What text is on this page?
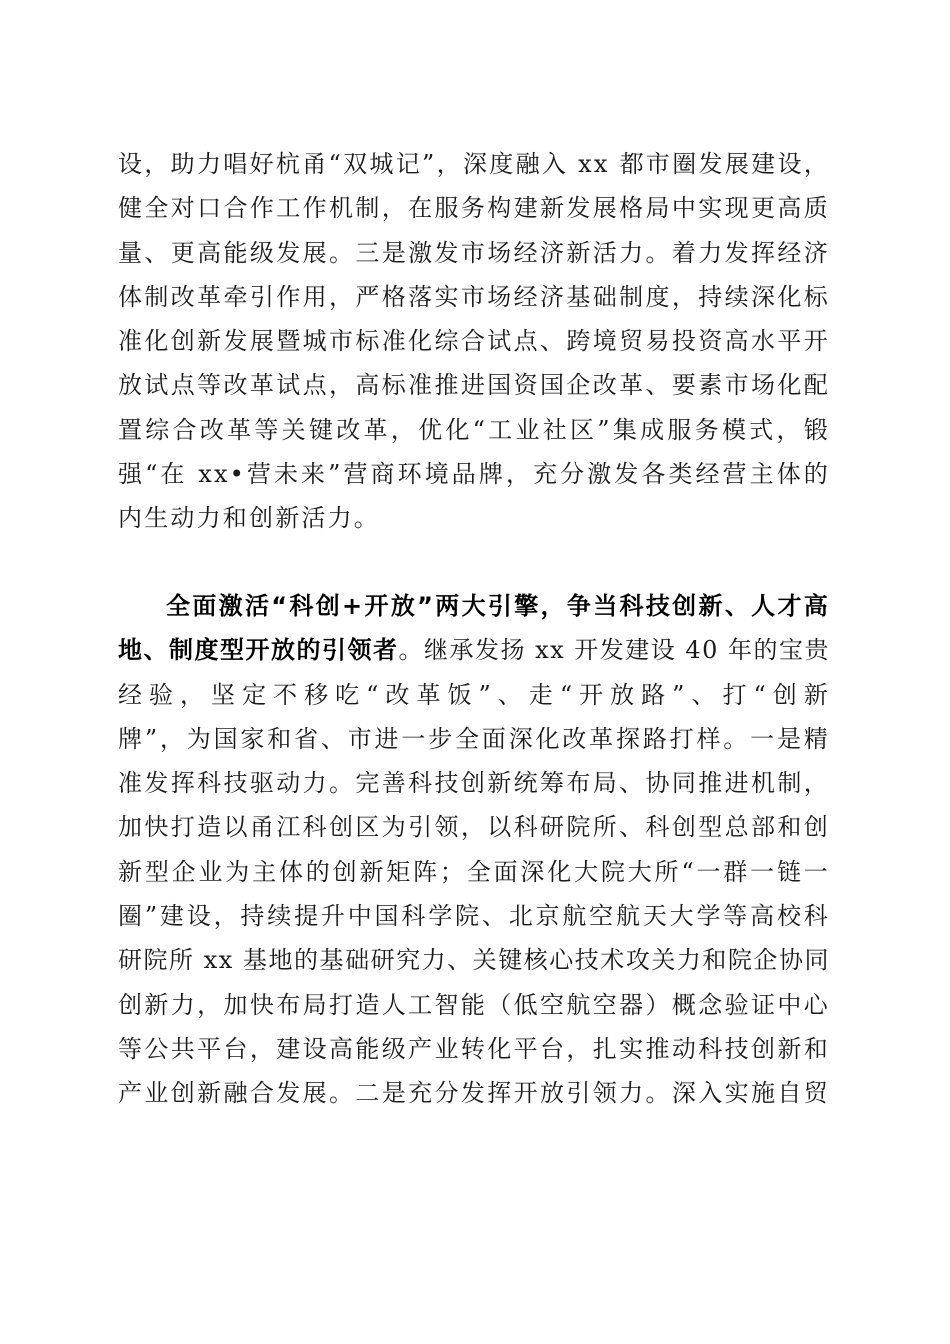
设，助力唱好杭甬“双城记”，深度融入 xx 都市圈发展建设，
健全对口合作工作机制，在服务构建新发展格局中实现更高质
量、更高能级发展。三是激发市场经济新活力。着力发挥经济
体制改革牵引作用，严格落实市场经济基础制度，持续深化标
准化创新发展暨城市标准化综合试点、跨境贸易投资高水平开
放试点等改革试点，高标准推进国资国企改革、要素市场化配
置综合改革等关键改革，优化“工业社区”集成服务模式，锻
强“在 xx•营未来”营商环境品牌，充分激发各类经营主体的
内生动力和创新活力。
全面激活“科创+开放”两大引擎，争当科技创新、人才高
地、制度型开放的引领者。继承发扬 xx 开发建设 40 年的宝贵
经验，坚定不移吃“改革饭”、走“开放路”、打“创新
牌”，为国家和省、市进一步全面深化改革探路打样。一是精
准发挥科技驱动力。完善科技创新统筹布局、协同推进机制，
加快打造以甬江科创区为引领，以科研院所、科创型总部和创
新型企业为主体的创新矩阵；全面深化大院大所“一群一链一
圈”建设，持续提升中国科学院、北京航空航天大学等高校科
研院所 xx 基地的基础研究力、关键核心技术攻关力和院企协同
创新力，加快布局打造人工智能（低空航空器）概念验证中心
等公共平台，建设高能级产业转化平台，扎实推动科技创新和
产业创新融合发展。二是充分发挥开放引领力。深入实施自贸
